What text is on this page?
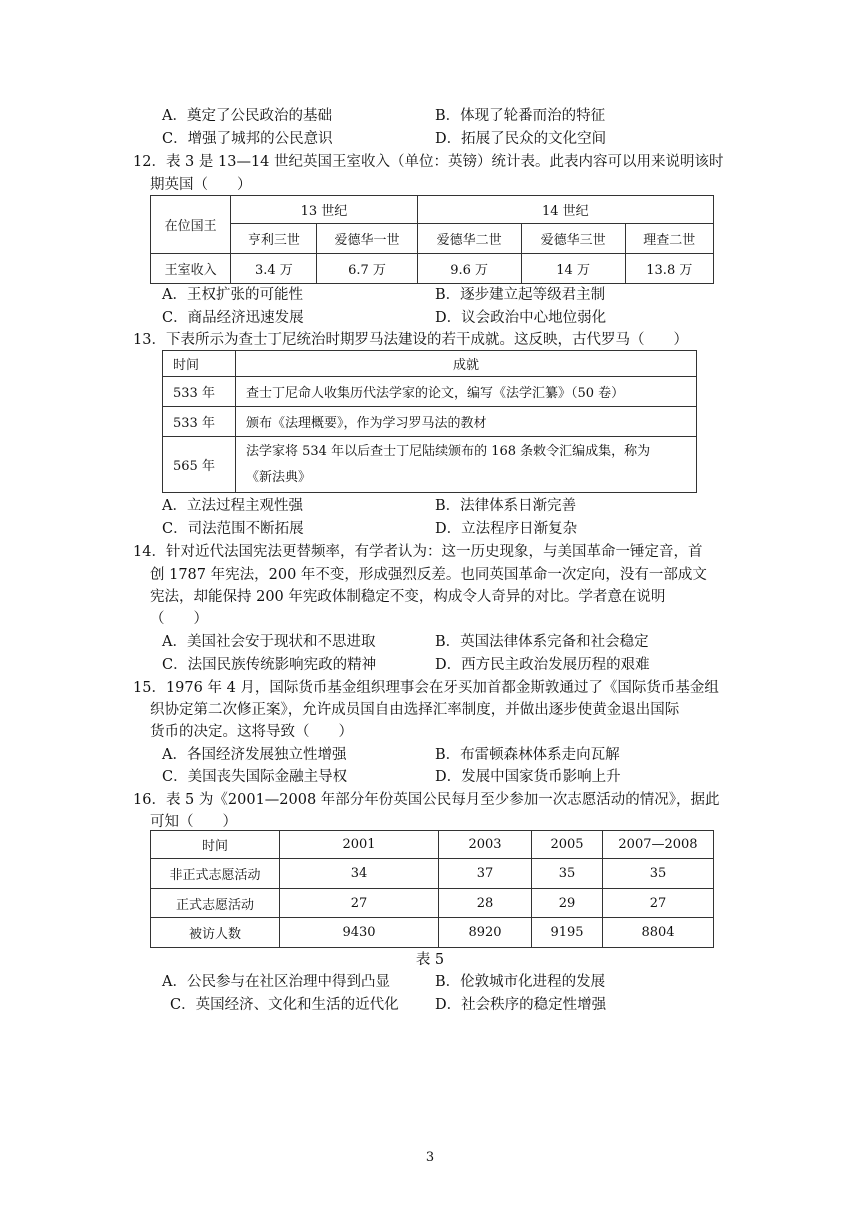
A．奠定了公民政治的基础	B．体现了轮番而治的特征
C．增强了城邦的公民意识	D．拓展了民众的文化空间
12．表 3 是 13—14 世纪英国王室收入（单位：英镑）统计表。此表内容可以用来说明该时
期英国（　　）
在位国王	13 世纪		14 世纪		
	亨利三世	爱德华一世	爱德华二世	爱德华三世	理查二世
王室收入	3.4 万	6.7 万	9.6 万	14 万	13.8 万
A．王权扩张的可能性	B．逐步建立起等级君主制
C．商品经济迅速发展	D．议会政治中心地位弱化
13．下表所示为查士丁尼统治时期罗马法建设的若干成就。这反映，古代罗马（　　）
时间	成就
533 年	查士丁尼命人收集历代法学家的论文，编写《法学汇纂》（50 卷）
533 年	颁布《法理概要》，作为学习罗马法的教材
565 年	法学家将 534 年以后查士丁尼陆续颁布的 168 条敕令汇编成集，称为
《新法典》
A．立法过程主观性强	B．法律体系日渐完善
C．司法范围不断拓展	D．立法程序日渐复杂
14．针对近代法国宪法更替频率，有学者认为：这一历史现象，与美国革命一锤定音，首
创 1787 年宪法，200 年不变，形成强烈反差。也同英国革命一次定向，没有一部成文
宪法，却能保持 200 年宪政体制稳定不变，构成令人奇异的对比。学者意在说明
（　　）
A．美国社会安于现状和不思进取	B．英国法律体系完备和社会稳定
C．法国民族传统影响宪政的精神	D．西方民主政治发展历程的艰难
15．1976 年 4 月，国际货币基金组织理事会在牙买加首都金斯敦通过了《国际货币基金组
织协定第二次修正案》，允许成员国自由选择汇率制度，并做出逐步使黄金退出国际
货币的决定。这将导致（　　）
A．各国经济发展独立性增强	B．布雷顿森林体系走向瓦解
C．美国丧失国际金融主导权	D．发展中国家货币影响上升
16．表 5 为《2001—2008 年部分年份英国公民每月至少参加一次志愿活动的情况》，据此
可知（　　）
时间	2001	2003	2005	2007—2008
非正式志愿活动	34	37	35	35
正式志愿活动	27	28	29	27
被访人数	9430	8920	9195	8804
表 5
A．公民参与在社区治理中得到凸显	B．伦敦城市化进程的发展
C．英国经济、文化和生活的近代化	D．社会秩序的稳定性增强
3
